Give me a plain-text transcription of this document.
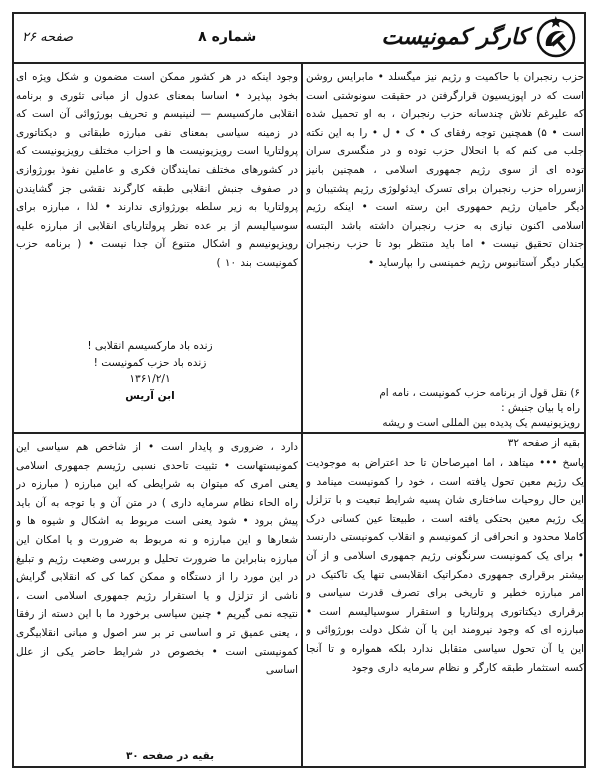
کارگر کمونیست
شماره ۸
صفحه ۲۶

حزب رنجبران با حاکمیت و رژیم نیز میگسلد • مابرایس روشن است که در اپوزیسیون قرارگرفتن در حقیقت سونوشتی است که علیرغم تلاش چندسانه حزب رنجبران ، به او تحمیل شده است • ۵) همچنین توجه رفقای ک • ک • ل • را به این نکته جلب می کنم که با انحلال حزب توده و در منگسری سران توده ای از سوی رژیم جمهوری اسلامی ، همچنین بانیز ازسرراه حزب رنجبران برای تسرک ایدئولوژی رژیم پشتیبان و دیگر حامیان رژیم حمهوری ابن رسته است • اینکه رژیم اسلامی اکنون نیازی به حزب رنجبران داشته باشد البتسه جندان تحقیق نیست • اما باید منتظر بود تا حزب رنجبران یکبار دیگر آستانبوس رژیم خمینسی را بپارساید •

۶) نقل قول از برنامه حزب کمونیست ، نامه ام
راه یا بیان جنبش :
رویزیونیسم یک پدیده بین المللی است و ریشه

وجود اینکه در هر کشور ممکن است مضمون و شکل ویژه ای بخود بپذیرد • اساسا بمعنای عدول از مبانی تئوری و برنامه انقلابی مارکسیسم — لنینیسم و تحریف بورژوائی آن است که در زمینه سیاسی بمعنای نفی مبارزه طبقاتی و دیکتاتوری پرولتاریا است رویزیونیست ها و احزاب مختلف رویزیونیست که در کشورهای مختلف نمایندگان فکری و عاملین نفوذ بورژوازی در صفوف جنبش انقلابی طبقه کارگرند نقشی جز گشایندن پرولتاریا به زیر سلطه بورژوازی ندارند • لذا ، مبارزه برای سوسیالیسم از بر عده نظر پرولتاریای انقلابی از مبارزه علیه رویزیونیسم و اشکال متنوع آن جدا نیست • ( برنامه حزب کمونیست بند ۱۰ )

زنده باد مارکسیسم انقلابی !
زنده باد حزب کمونیست !
۱۳۶۱/۲/۱
ابن آریس
بقیه از صفحه ۳۲

پاسخ ••• میتاهد ، اما امیرصاحان تا حد اعتراض به موجودیت یک رژیم معین تحول یافته است ، خود را کمونیست مینامد و این حال روحیات ساختاری شان پسیه شرایط تبعیت و با تزلزل یک رژیم معین بحتکی یافته است ، طبیعتا عین کسانی درک کاملا محدود و انحرافی از کمونیسم و انقلاب کمونیستی دارنسد • برای یک کمونیست سرنگونی رژیم جمهوری اسلامی و از آن بیشتر برقراری جمهوری دمکراتیک انقلابسی تنها یک تاکتیک در امر مبارزه خطیر و تاریخی برای تصرف قدرت سیاسی و برقراری دیکتاتوری پرولتاریا و استقرار سوسیالیسم است • مبارزه ای که وجود نیرومند این یا آن شکل دولت بورژوائی و این یا آن تحول سیاسی متقابل ندارد بلکه همواره و تا آنجا کسه استثمار طبقه کارگر و نظام سرمایه داری وجود

دارد ، ضروری و پایدار است • از شاخص هم سیاسی این کمونیستهاست • تثبیت تاحدی نسبی رژیسم جمهوری اسلامی یعنی امری که میتوان به شرایطی که این مبارزه ( مبارزه در راه الحاء نظام سرمایه داری ) در متن آن و با توجه به آن باید پیش برود • شود یعنی است مربوط به اشکال و شیوه ها و شعارها و این مبارزه و نه مربوط به ضرورت و یا امکان این مبارزه بنابراین ما ضرورت تحلیل و بررسی وضعیت رژیم و تبلیغ در این مورد را از دستگاه و ممکن کما کی که انقلابی گرایش ناشی از تزلزل و یا استقرار رژیم جمهوری اسلامی است ، نتیجه نمی گیریم • چنین سیاسی برخورد ما با این دسته از رفقا ، یعنی عمیق تر و اساسی تر بر سر اصول و مبانی انقلابیگری کمونیستی است • بخصوص در شرایط حاضر یکی از علل اساسی

بقیه در صفحه ۳۰
